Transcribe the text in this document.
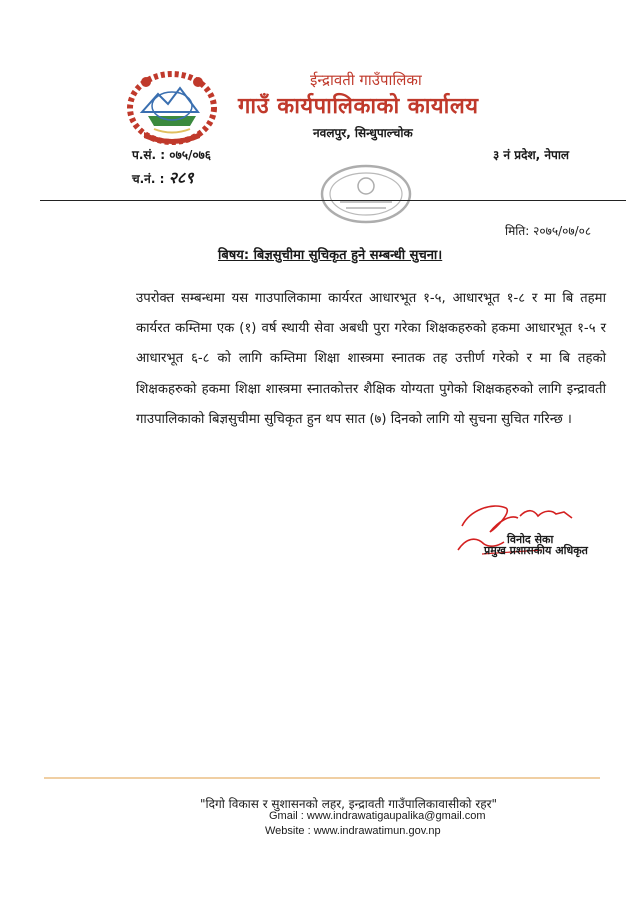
ईन्द्रावती गाउँपालिका
गाउँ कार्यपालिकाको कार्यालय
नवलपुर, सिन्धुपाल्चोक
प.सं. : ०७५/०७६
च.नं. : २८९
३ नं प्रदेश, नेपाल
मिति: २०७५/०७/०८
बिषय: बिज्ञसुचीमा सुचिकृत हुने सम्बन्धी सुचना।

उपरोक्त सम्बन्धमा यस गाउपालिकामा कार्यरत आधारभूत १-५, आधारभूत १-८ र मा बि तहमा कार्यरत कम्तिमा एक (१) वर्ष स्थायी सेवा अबधी पुरा गरेका शिक्षकहरुको हकमा आधारभूत १-५ र आधारभूत ६-८ को लागि कम्तिमा शिक्षा शास्त्रमा स्नातक तह उत्तीर्ण गरेको र मा बि तहको शिक्षकहरुको हकमा शिक्षा शास्त्रमा स्नातकोत्तर शैक्षिक योग्यता पुगेको शिक्षकहरुको लागि इन्द्रावती गाउपालिकाको बिज्ञसुचीमा सुचिकृत हुन थप सात (७) दिनको लागि यो सुचना सुचित गरिन्छ ।

विनोद सेका
प्रमुख प्रशासकीय अधिकृत
"दिगो विकास र सुशासनको लहर, इन्द्रावती गाउँपालिकावासीको रहर"
Gmail : www.indrawatigaupalika@gmail.com
Website : www.indrawatimun.gov.np
